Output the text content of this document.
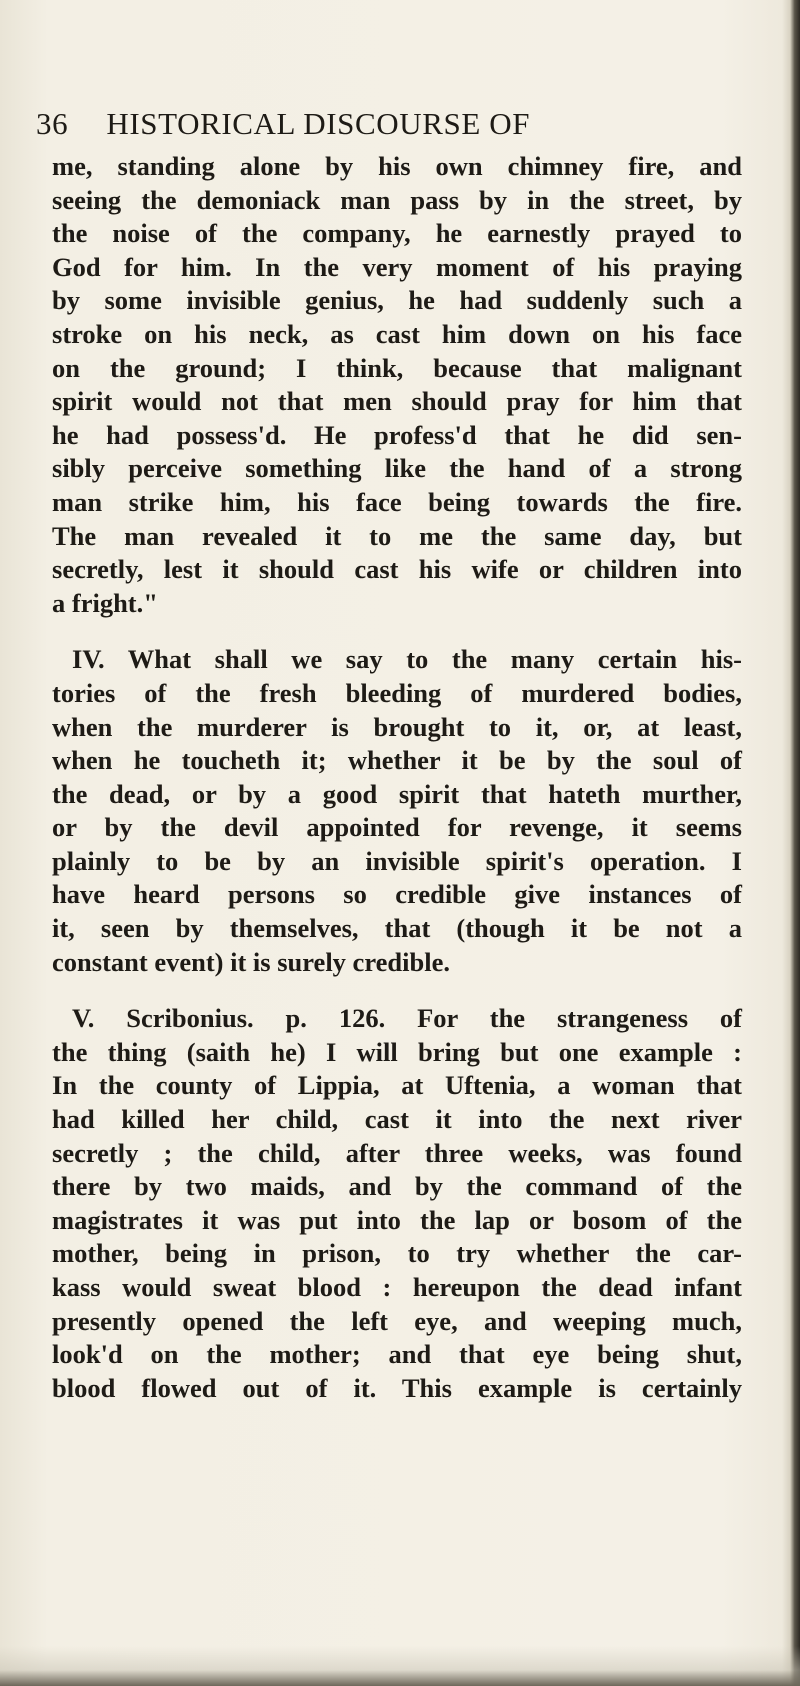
36 HISTORICAL DISCOURSE OF
me, standing alone by his own chimney fire, and
seeing the demoniack man pass by in the street, by
the noise of the company, he earnestly prayed to
God for him. In the very moment of his praying
by some invisible genius, he had suddenly such a
stroke on his neck, as cast him down on his face
on the ground; I think, because that malignant
spirit would not that men should pray for him that
he had possess'd. He profess'd that he did sen-
sibly perceive something like the hand of a strong
man strike him, his face being towards the fire.
The man revealed it to me the same day, but
secretly, lest it should cast his wife or children into
a fright."
IV. What shall we say to the many certain his-
tories of the fresh bleeding of murdered bodies,
when the murderer is brought to it, or, at least,
when he toucheth it; whether it be by the soul of
the dead, or by a good spirit that hateth murther,
or by the devil appointed for revenge, it seems
plainly to be by an invisible spirit's operation. I
have heard persons so credible give instances of
it, seen by themselves, that (though it be not a
constant event) it is surely credible.
V. Scribonius. p. 126. For the strangeness of
the thing (saith he) I will bring but one example :
In the county of Lippia, at Uftenia, a woman that
had killed her child, cast it into the next river
secretly ; the child, after three weeks, was found
there by two maids, and by the command of the
magistrates it was put into the lap or bosom of the
mother, being in prison, to try whether the car-
kass would sweat blood : hereupon the dead infant
presently opened the left eye, and weeping much,
look'd on the mother; and that eye being shut,
blood flowed out of it. This example is certainly
